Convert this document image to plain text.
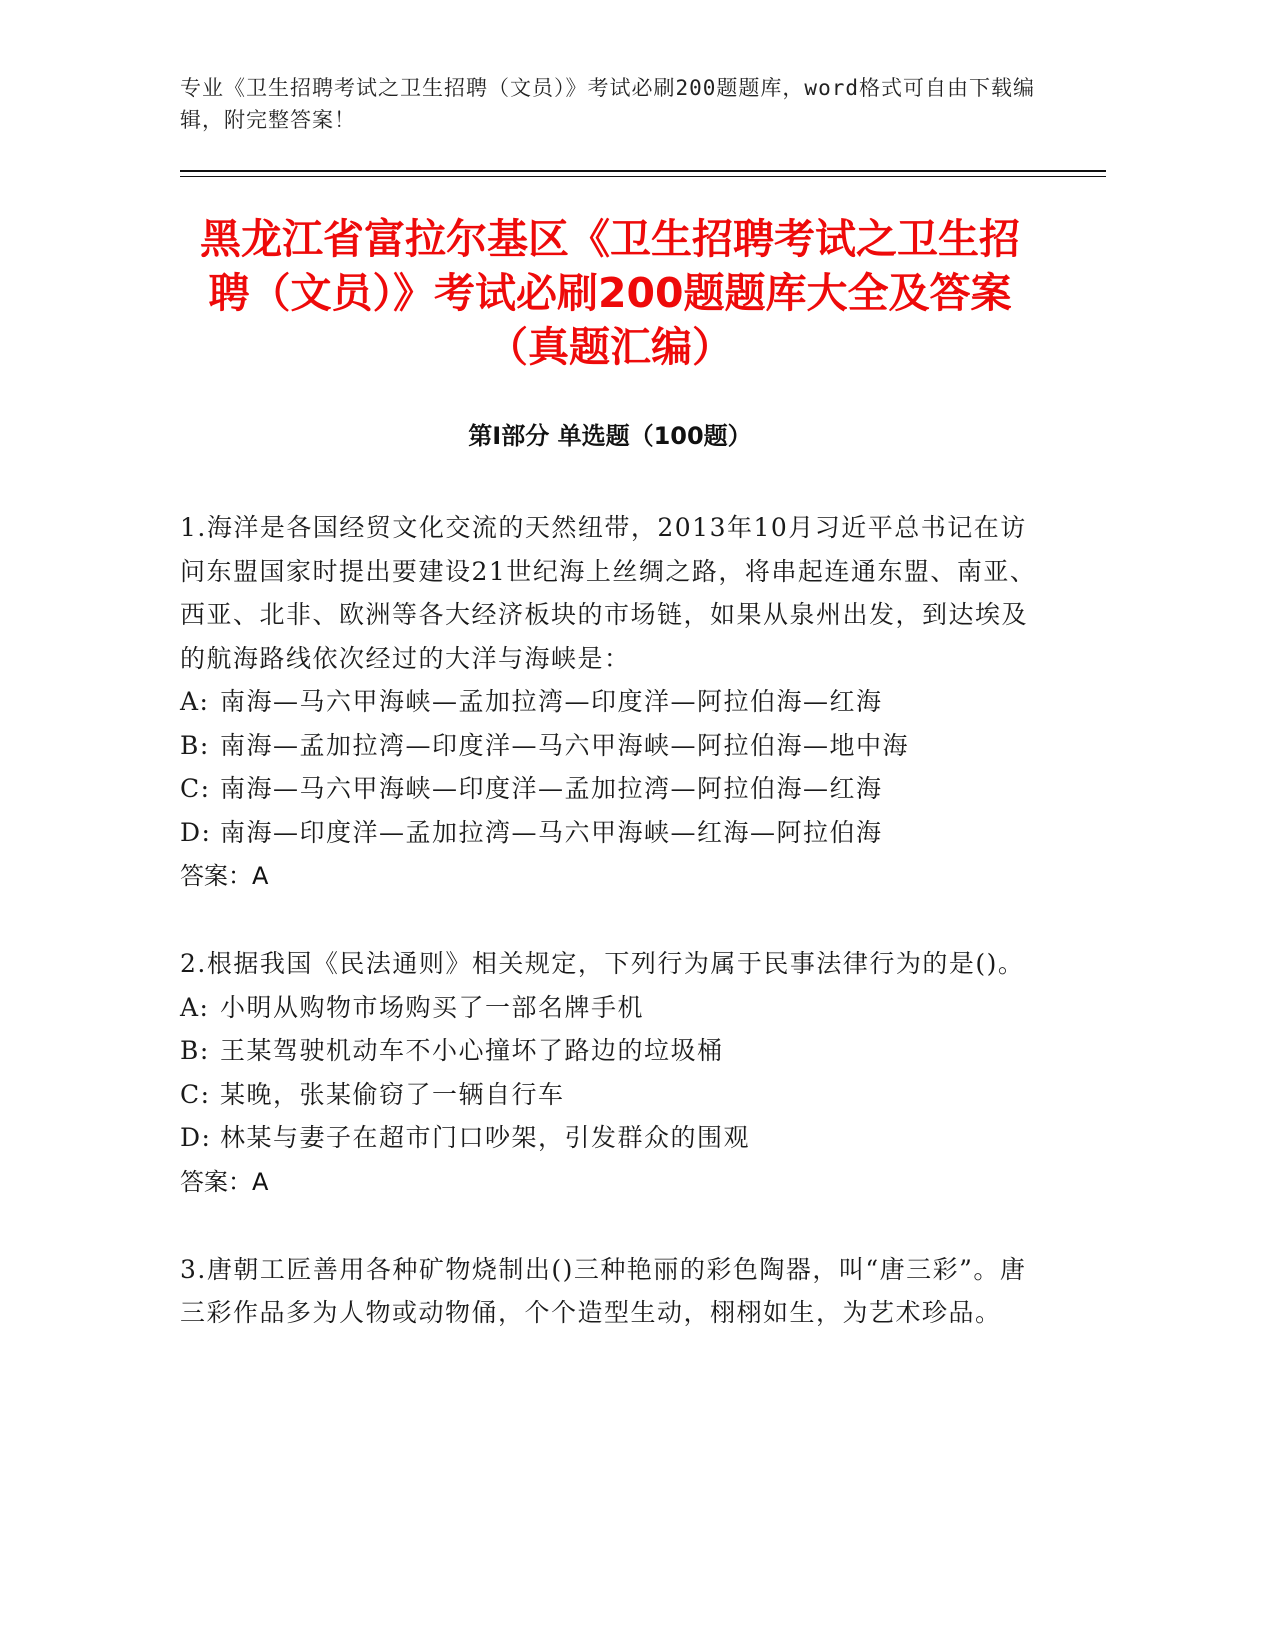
专业《卫生招聘考试之卫生招聘（文员）》考试必刷200题题库，word格式可自由下载编辑，附完整答案！
黑龙江省富拉尔基区《卫生招聘考试之卫生招聘（文员）》考试必刷200题题库大全及答案（真题汇编）
第Ⅰ部分 单选题（100题）

1.海洋是各国经贸文化交流的天然纽带，2013年10月习近平总书记在访问东盟国家时提出要建设21世纪海上丝绸之路，将串起连通东盟、南亚、西亚、北非、欧洲等各大经济板块的市场链，如果从泉州出发，到达埃及的航海路线依次经过的大洋与海峡是：

A: 南海—马六甲海峡—孟加拉湾—印度洋—阿拉伯海—红海

B: 南海—孟加拉湾—印度洋—马六甲海峡—阿拉伯海—地中海

C: 南海—马六甲海峡—印度洋—孟加拉湾—阿拉伯海—红海

D: 南海—印度洋—孟加拉湾—马六甲海峡—红海—阿拉伯海

答案：A

2.根据我国《民法通则》相关规定，下列行为属于民事法律行为的是()。

A: 小明从购物市场购买了一部名牌手机

B: 王某驾驶机动车不小心撞坏了路边的垃圾桶

C: 某晚，张某偷窃了一辆自行车

D: 林某与妻子在超市门口吵架，引发群众的围观

答案：A

3.唐朝工匠善用各种矿物烧制出()三种艳丽的彩色陶器，叫“唐三彩”。唐三彩作品多为人物或动物俑，个个造型生动，栩栩如生，为艺术珍品。
